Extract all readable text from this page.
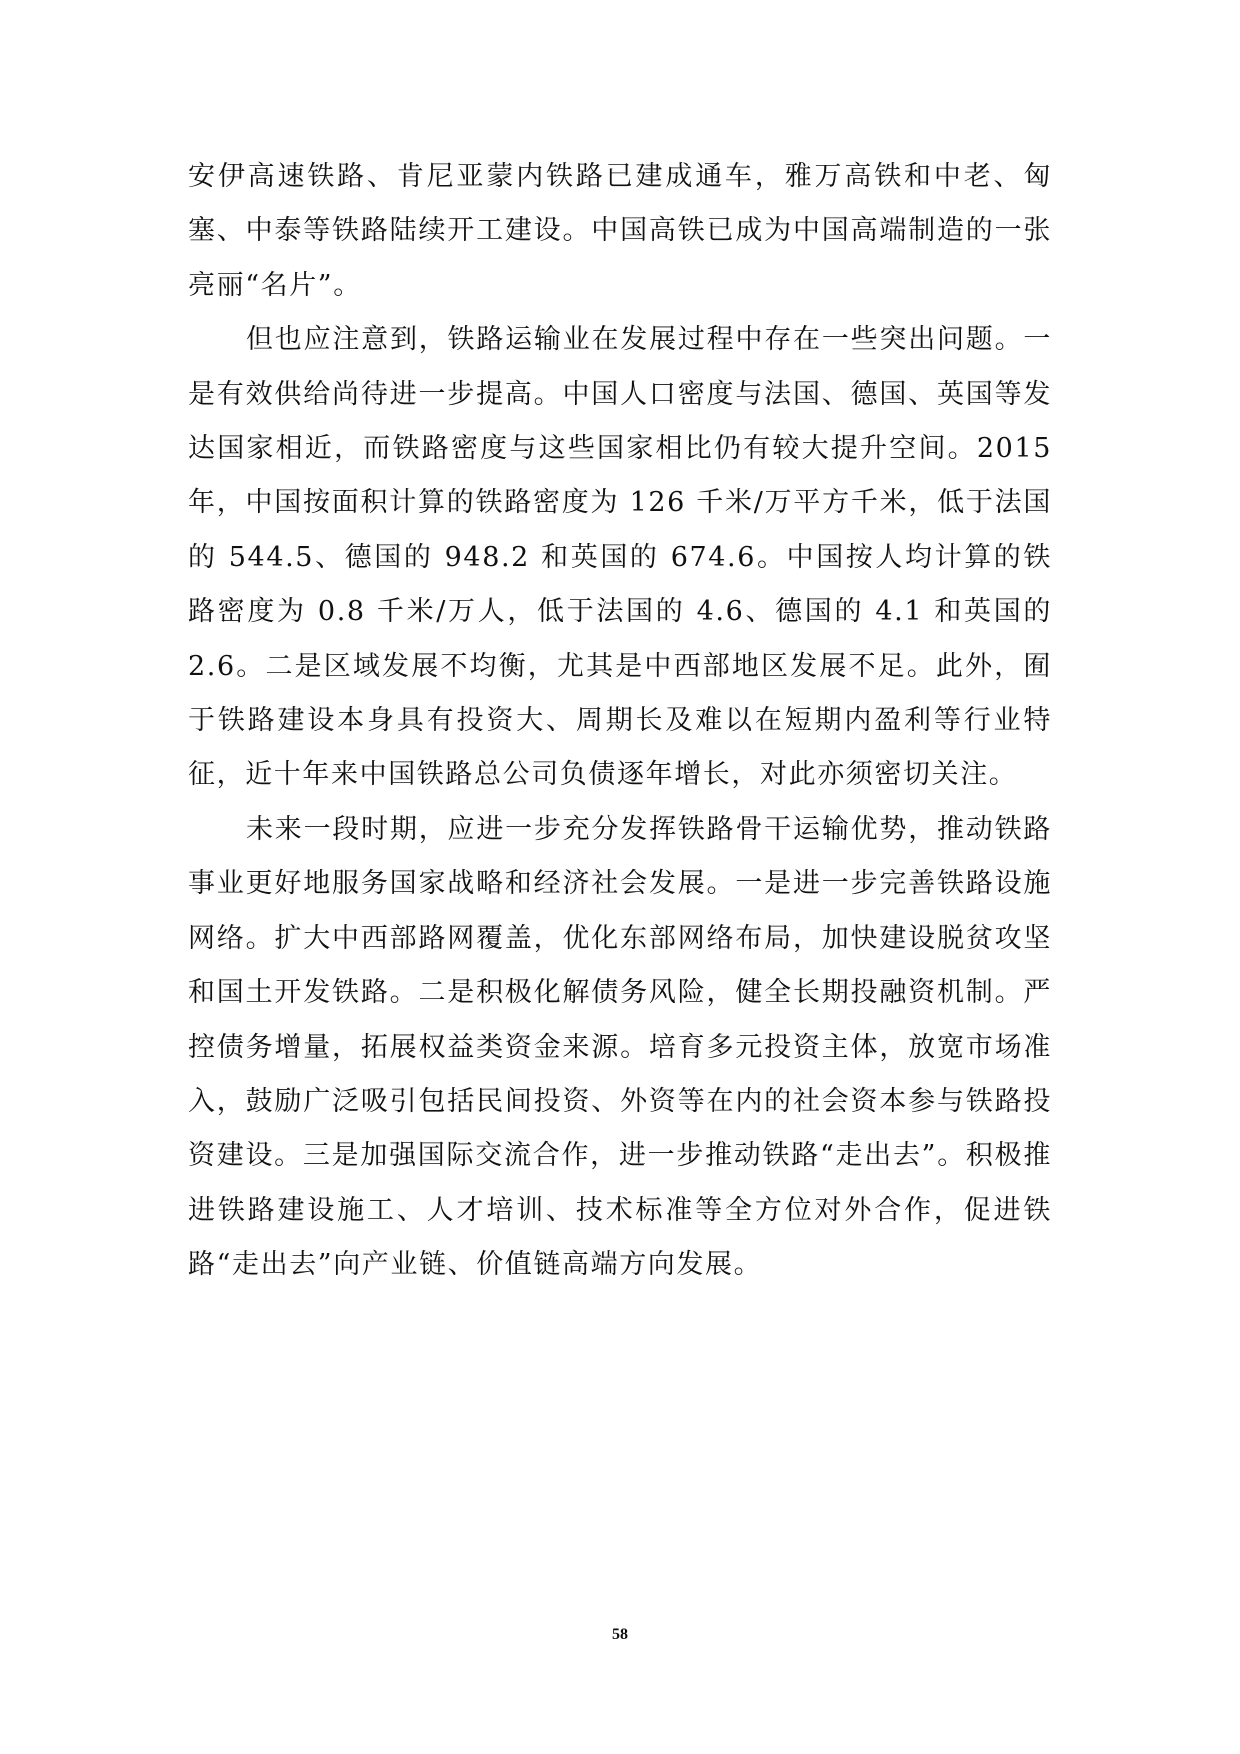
安伊高速铁路、肯尼亚蒙内铁路已建成通车，雅万高铁和中老、匈塞、中泰等铁路陆续开工建设。中国高铁已成为中国高端制造的一张亮丽“名片”。

但也应注意到，铁路运输业在发展过程中存在一些突出问题。一是有效供给尚待进一步提高。中国人口密度与法国、德国、英国等发达国家相近，而铁路密度与这些国家相比仍有较大提升空间。2015年，中国按面积计算的铁路密度为 126 千米/万平方千米，低于法国的 544.5、德国的 948.2 和英国的 674.6。中国按人均计算的铁路密度为 0.8 千米/万人，低于法国的 4.6、德国的 4.1 和英国的 2.6。二是区域发展不均衡，尤其是中西部地区发展不足。此外，囿于铁路建设本身具有投资大、周期长及难以在短期内盈利等行业特征，近十年来中国铁路总公司负债逐年增长，对此亦须密切关注。

未来一段时期，应进一步充分发挥铁路骨干运输优势，推动铁路事业更好地服务国家战略和经济社会发展。一是进一步完善铁路设施网络。扩大中西部路网覆盖，优化东部网络布局，加快建设脱贫攻坚和国土开发铁路。二是积极化解债务风险，健全长期投融资机制。严控债务增量，拓展权益类资金来源。培育多元投资主体，放宽市场准入，鼓励广泛吸引包括民间投资、外资等在内的社会资本参与铁路投资建设。三是加强国际交流合作，进一步推动铁路“走出去”。积极推进铁路建设施工、人才培训、技术标准等全方位对外合作，促进铁路“走出去”向产业链、价值链高端方向发展。

58
